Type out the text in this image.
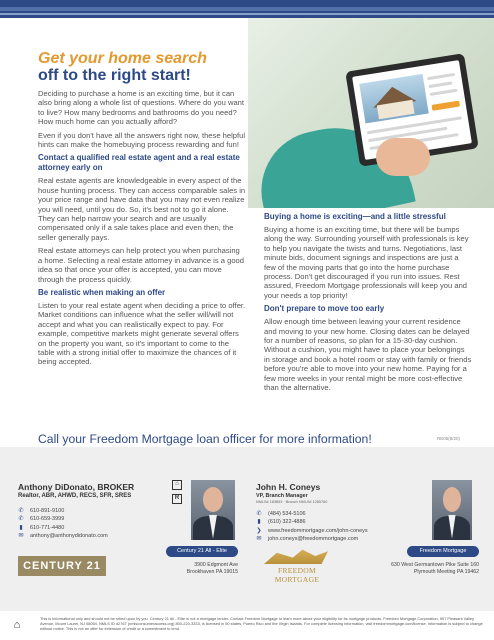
Get your home search
off to the right start!

Deciding to purchase a home is an exciting time, but it can also bring along a whole list of questions. Where do you want to live? How many bedrooms and bathrooms do you need? How much home can you actually afford?

Even if you don't have all the answers right now, these helpful hints can make the homebuying process rewarding and fun!

Contact a qualified real estate agent and a real estate attorney early on

Real estate agents are knowledgeable in every aspect of the house hunting process. They can access comparable sales in your price range and have data that you may not even realize you will need, until you do. So, it's best not to go it alone. They can help narrow your search and are usually compensated only if a sale takes place and even then, the seller generally pays.

Real estate attorneys can help protect you when purchasing a home. Selecting a real estate attorney in advance is a good idea so that once your offer is accepted, you can move through the process quickly.

Be realistic when making an offer

Listen to your real estate agent when deciding a price to offer. Market conditions can influence what the seller will/will not accept and what you can realistically expect to pay. For example, competitive markets might generate several offers on the property you want, so it's important to come to the table with a strong initial offer to maximize the chances of it being accepted.

Buying a home is exciting—and a little stressful

Buying a home is an exciting time, but there will be bumps along the way. Surrounding yourself with professionals is key to help you navigate the twists and turns. Negotiations, last minute bids, document signings and inspections are just a few of the moving parts that go into the home purchase process. Don't get discouraged if you run into issues. Rest assured, Freedom Mortgage professionals will keep you and your needs a top priority!

Don't prepare to move too early

Allow enough time between leaving your current residence and moving to your new home. Closing dates can be delayed for a number of reasons, so plan for a 15-30-day cushion. Without a cushion, you might have to place your belongings in storage and book a hotel room or stay with family or friends before you're able to move into your new home. Paying for a few more weeks in your rental might be more cost-effective than the alternative.

Call your Freedom Mortgage loan officer for more information!	RE05(8/20)
Anthony DiDonato, BROKER
Realtor, ABR, AHWD, RECS, SFR, SRES
✆ 610-891-9100
✆ 610-659-3999
▮ 610-771-4480
✉ anthony@anthonydidonato.com
CENTURY 21
⌂
R
Century 21 All - Elite
3900 Edgmont Ave
Brookhaven PA 19015
John H. Coneys
VP, Branch Manager
NMLS# 183853 · Branch NMLS# 1285760
✆ (484) 534-5106
▮ (610) 322-4886
❯ www.freedommortgage.com/john-coneys
✉ john.coneys@freedommortgage.com
FREEDOM MORTGAGE
Freedom Mortgage
630 West Germantown Pike Suite 160
Plymouth Meeting PA 19462
⌂
This is informational only and should not be relied upon by you. Century 21 All - Elite is not a mortgage lender. Contact Freedom Mortgage to learn more about your eligibility for its mortgage products. Freedom Mortgage Corporation, 907 Pleasant Valley Avenue, Mount Laurel, NJ 08054. NMLS ID #2767 (nmlsconsumeraccess.org) 800-220-3333, is licensed in 50 states, Puerto Rico and the Virgin Islands. For complete licensing information, visit freedommortgage.com/license. Information is subject to change without notice. This is not an offer for extension of credit or a commitment to lend.
